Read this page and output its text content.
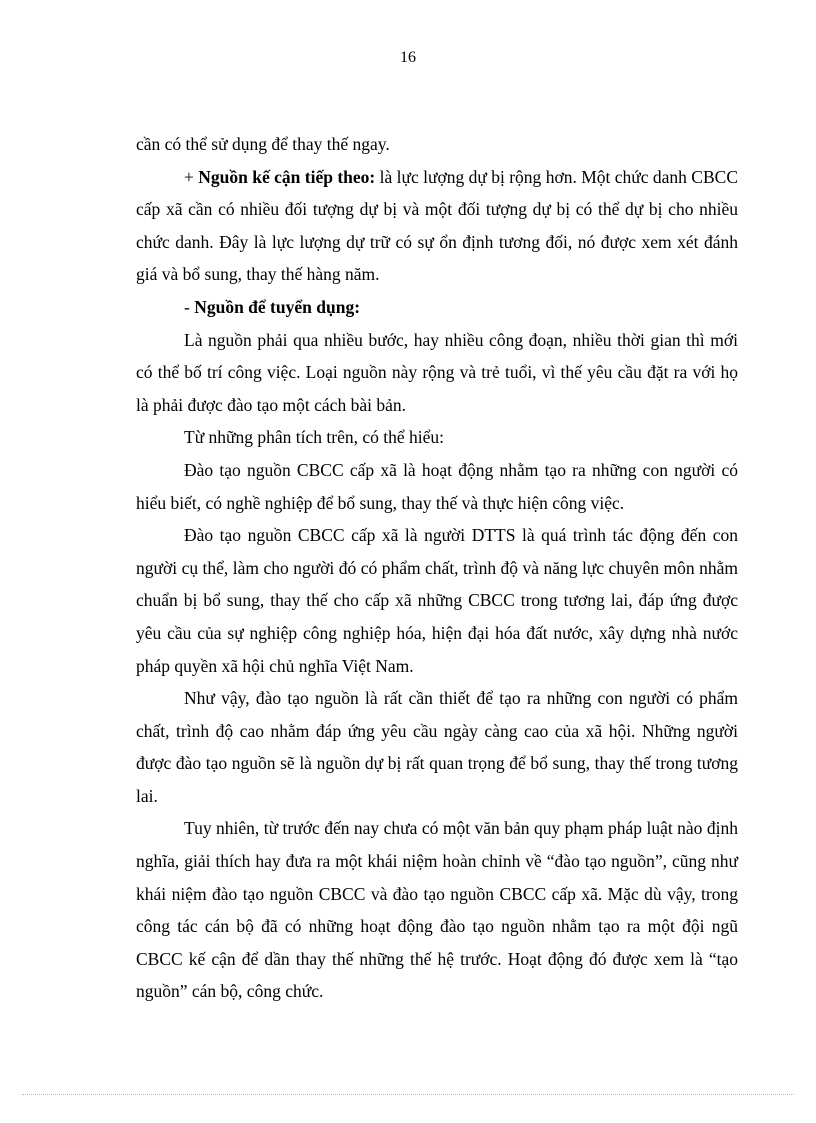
16

cần có thể sử dụng để thay thế ngay.

+ Nguồn kế cận tiếp theo: là lực lượng dự bị rộng hơn. Một chức danh CBCC cấp xã cần có nhiều đối tượng dự bị và một đối tượng dự bị có thể dự bị cho nhiều chức danh. Đây là lực lượng dự trữ có sự ổn định tương đối, nó được xem xét đánh giá và bổ sung, thay thế hàng năm.

- Nguồn để tuyển dụng:

Là nguồn phải qua nhiều bước, hay nhiều công đoạn, nhiều thời gian thì mới có thể bố trí công việc. Loại nguồn này rộng và trẻ tuổi, vì thế yêu cầu đặt ra với họ là phải được đào tạo một cách bài bản.

Từ những phân tích trên, có thể hiểu:

Đào tạo nguồn CBCC cấp xã là hoạt động nhằm tạo ra những con người có hiểu biết, có nghề nghiệp để bổ sung, thay thế và thực hiện công việc.

Đào tạo nguồn CBCC cấp xã là người DTTS là quá trình tác động đến con người cụ thể, làm cho người đó có phẩm chất, trình độ và năng lực chuyên môn nhằm chuẩn bị bổ sung, thay thế cho cấp xã những CBCC trong tương lai, đáp ứng được yêu cầu của sự nghiệp công nghiệp hóa, hiện đại hóa đất nước, xây dựng nhà nước pháp quyền xã hội chủ nghĩa Việt Nam.

Như vậy, đào tạo nguồn là rất cần thiết để tạo ra những con người có phẩm chất, trình độ cao nhằm đáp ứng yêu cầu ngày càng cao của xã hội. Những người được đào tạo nguồn sẽ là nguồn dự bị rất quan trọng để bổ sung, thay thế trong tương lai.

Tuy nhiên, từ trước đến nay chưa có một văn bản quy phạm pháp luật nào định nghĩa, giải thích hay đưa ra một khái niệm hoàn chỉnh về “đào tạo nguồn”, cũng như khái niệm đào tạo nguồn CBCC và đào tạo nguồn CBCC cấp xã. Mặc dù vậy, trong công tác cán bộ đã có những hoạt động đào tạo nguồn nhằm tạo ra một đội ngũ CBCC kế cận để dần thay thế những thế hệ trước. Hoạt động đó được xem là “tạo nguồn” cán bộ, công chức.
